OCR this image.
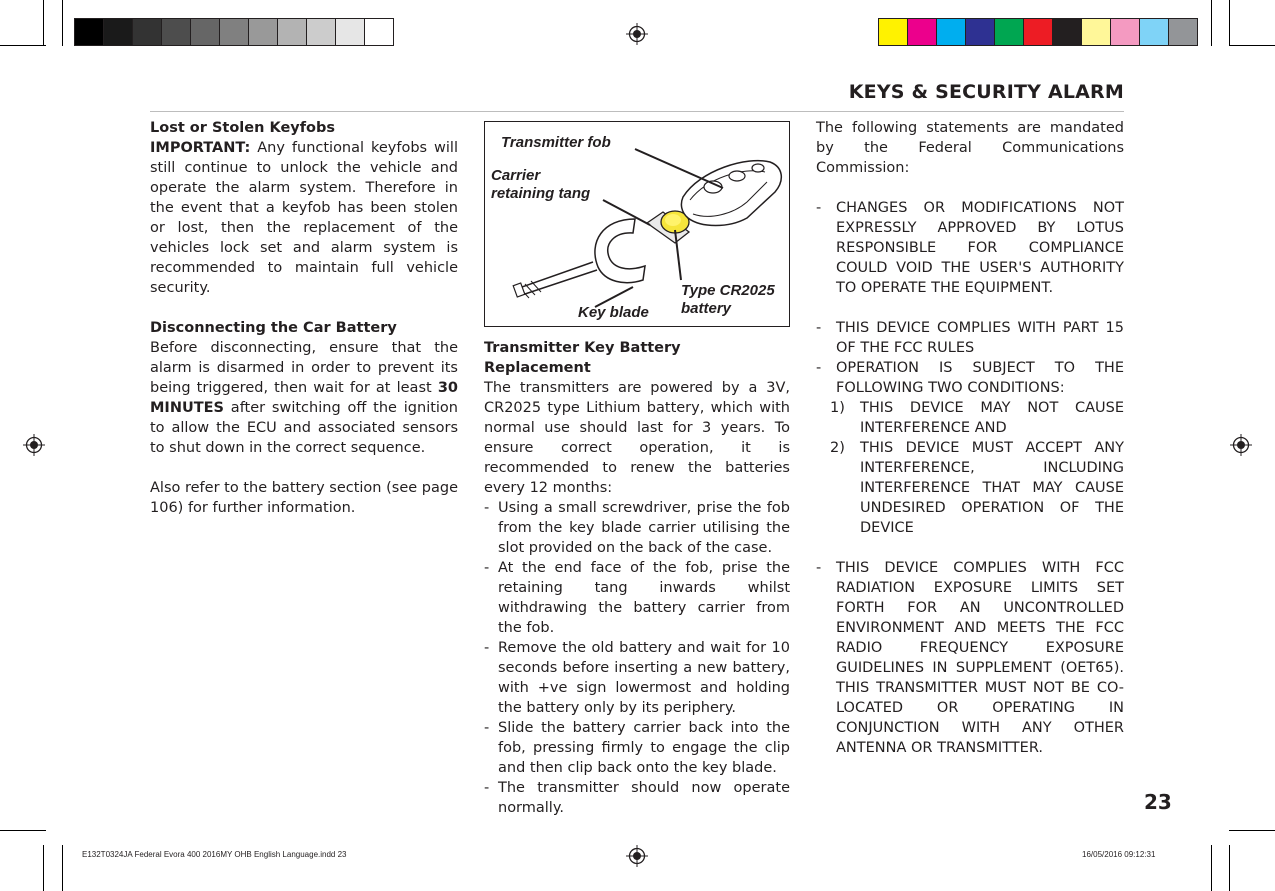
KEYS & SECURITY ALARM
Lost or Stolen Keyfobs

IMPORTANT: Any functional keyfobs will still continue to unlock the vehicle and operate the alarm system. Therefore in the event that a keyfob has been stolen or lost, then the replacement of the vehicles lock set and alarm system is recommended to maintain full vehicle security.

Disconnecting the Car Battery

Before disconnecting, ensure that the alarm is disarmed in order to prevent its being triggered, then wait for at least 30 MINUTES after switching off the ignition to allow the ECU and associated sensors to shut down in the correct sequence.

Also refer to the battery section (see page 106) for further information.

Transmitter fob
Carrier
retaining tang
Type CR2025
battery
Key blade
Transmitter Key Battery Replacement

The transmitters are powered by a 3V, CR2025 type Lithium battery, which with normal use should last for 3 years. To ensure correct operation, it is recommended to renew the batteries every 12 months:

- Using a small screwdriver, prise the fob from the key blade carrier utilising the slot provided on the back of the case.
- At the end face of the fob, prise the retaining tang inwards whilst withdrawing the battery carrier from the fob.
- Remove the old battery and wait for 10 seconds before inserting a new battery, with +ve sign lowermost and holding the battery only by its periphery.
- Slide the battery carrier back into the fob, pressing firmly to engage the clip and then clip back onto the key blade.
- The transmitter should now operate normally.

The following statements are mandated by the Federal Communications Commission:

-	CHANGES OR MODIFICATIONS NOT EXPRESSLY APPROVED BY LOTUS RESPONSIBLE FOR COMPLIANCE COULD VOID THE USER'S AUTHORITY TO OPERATE THE EQUIPMENT.
-	THIS DEVICE COMPLIES WITH PART 15 OF THE FCC RULES
-	OPERATION IS SUBJECT TO THE FOLLOWING TWO CONDITIONS:
1)	THIS DEVICE MAY NOT CAUSE INTERFERENCE AND
2)	THIS DEVICE MUST ACCEPT ANY INTERFERENCE, INCLUDING INTERFERENCE THAT MAY CAUSE UNDESIRED OPERATION OF THE DEVICE
-	THIS DEVICE COMPLIES WITH FCC RADIATION EXPOSURE LIMITS SET FORTH FOR AN UNCONTROLLED ENVIRONMENT AND MEETS THE FCC RADIO FREQUENCY EXPOSURE GUIDELINES IN SUPPLEMENT (OET65). THIS TRANSMITTER MUST NOT BE CO-LOCATED OR OPERATING IN CONJUNCTION WITH ANY OTHER ANTENNA OR TRANSMITTER.
23
E132T0324JA Federal Evora 400 2016MY OHB English Language.indd 23	16/05/2016 09:12:31
